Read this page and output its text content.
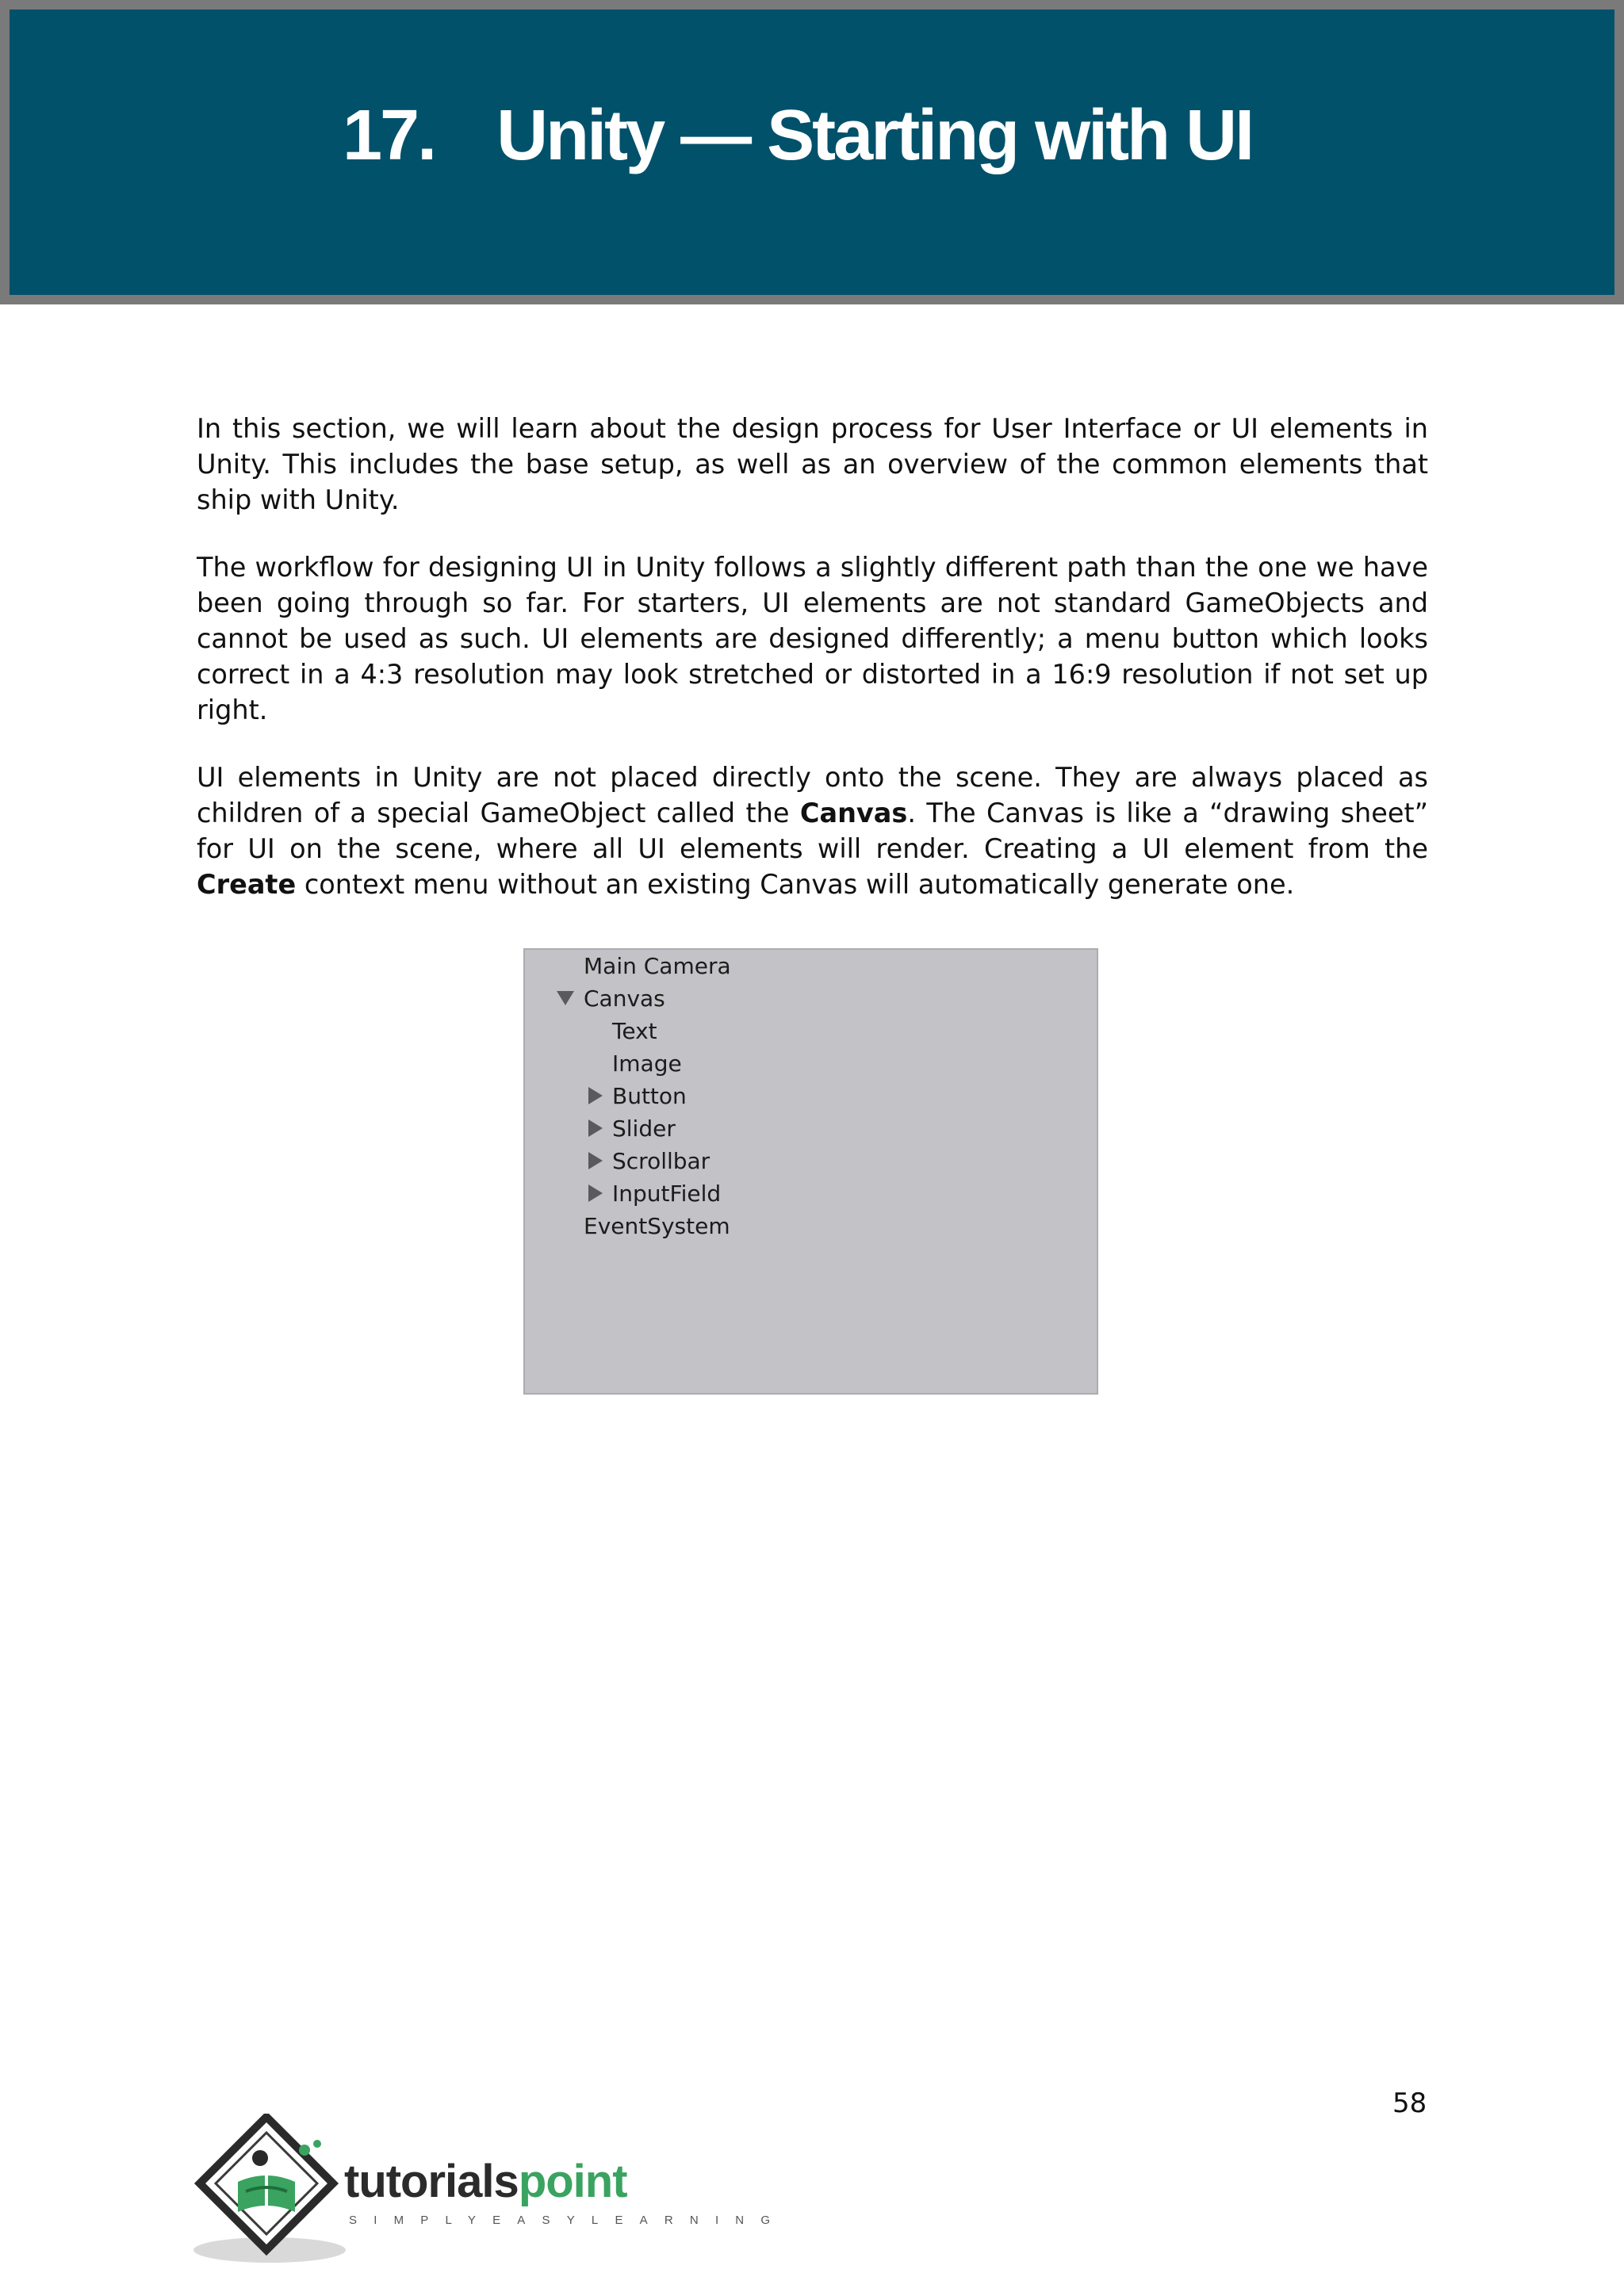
17. Unity — Starting with UI

In this section, we will learn about the design process for User Interface or UI elements in Unity. This includes the base setup, as well as an overview of the common elements that ship with Unity.

The workflow for designing UI in Unity follows a slightly different path than the one we have been going through so far. For starters, UI elements are not standard GameObjects and cannot be used as such. UI elements are designed differently; a menu button which looks correct in a 4:3 resolution may look stretched or distorted in a 16:9 resolution if not set up right.

UI elements in Unity are not placed directly onto the scene. They are always placed as children of a special GameObject called the Canvas. The Canvas is like a “drawing sheet” for UI on the scene, where all UI elements will render. Creating a UI element from the Create context menu without an existing Canvas will automatically generate one.

Main Camera
Canvas
Text
Image
Button
Slider
Scrollbar
InputField
EventSystem
58
tutorialspoint
SIMPLYEASYLEARNING
